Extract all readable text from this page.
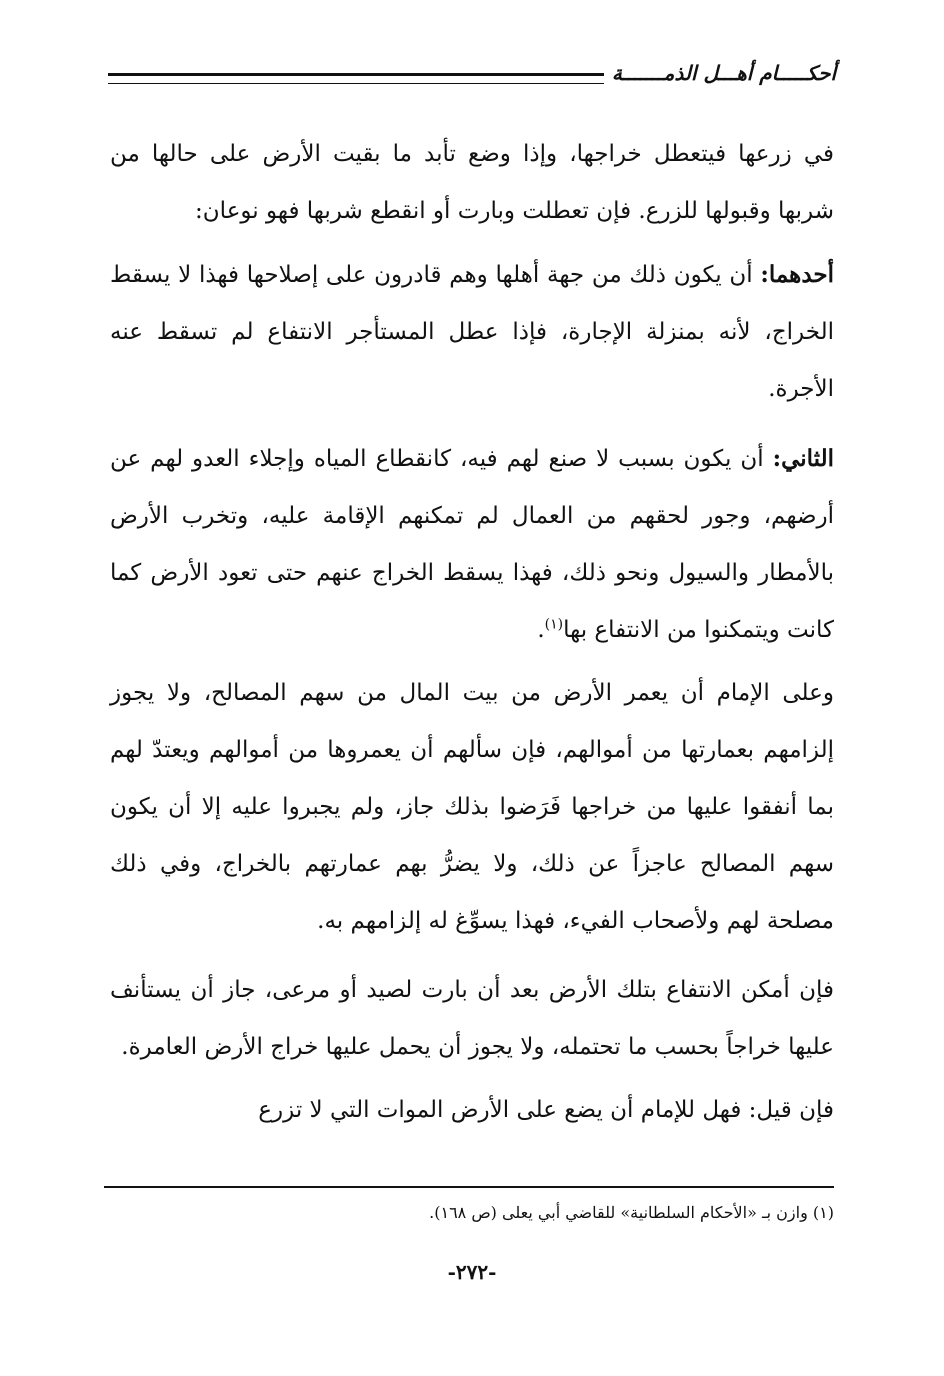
أحكـــــام أهـــل الذمـــــــة

في زرعها فيتعطل خراجها، وإذا وضع تأبد ما بقيت الأرض على حالها من شربها وقبولها للزرع. فإن تعطلت وبارت أو انقطع شربها فهو نوعان:

أحدهما: أن يكون ذلك من جهة أهلها وهم قادرون على إصلاحها فهذا لا يسقط الخراج، لأنه بمنزلة الإجارة، فإذا عطل المستأجر الانتفاع لم تسقط عنه الأجرة.

الثاني: أن يكون بسبب لا صنع لهم فيه، كانقطاع المياه وإجلاء العدو لهم عن أرضهم، وجور لحقهم من العمال لم تمكنهم الإقامة عليه، وتخرب الأرض بالأمطار والسيول ونحو ذلك، فهذا يسقط الخراج عنهم حتى تعود الأرض كما كانت ويتمكنوا من الانتفاع بها$^{(١)}$.

وعلى الإمام أن يعمر الأرض من بيت المال من سهم المصالح، ولا يجوز إلزامهم بعمارتها من أموالهم، فإن سألهم أن يعمروها من أموالهم ويعتدّ لهم بما أنفقوا عليها من خراجها فَرَضوا بذلك جاز، ولم يجبروا عليه إلا أن يكون سهم المصالح عاجزاً عن ذلك، ولا يضرُّ بهم عمارتهم بالخراج، وفي ذلك مصلحة لهم ولأصحاب الفيء، فهذا يسوِّغ له إلزامهم به.

فإن أمكن الانتفاع بتلك الأرض بعد أن بارت لصيد أو مرعى، جاز أن يستأنف عليها خراجاً بحسب ما تحتمله، ولا يجوز أن يحمل عليها خراج الأرض العامرة.

فإن قيل: فهل للإمام أن يضع على الأرض الموات التي لا تزرع

(١) وازن بـ «الأحكام السلطانية» للقاضي أبي يعلى (ص ١٦٨).
-٢٧٢-
